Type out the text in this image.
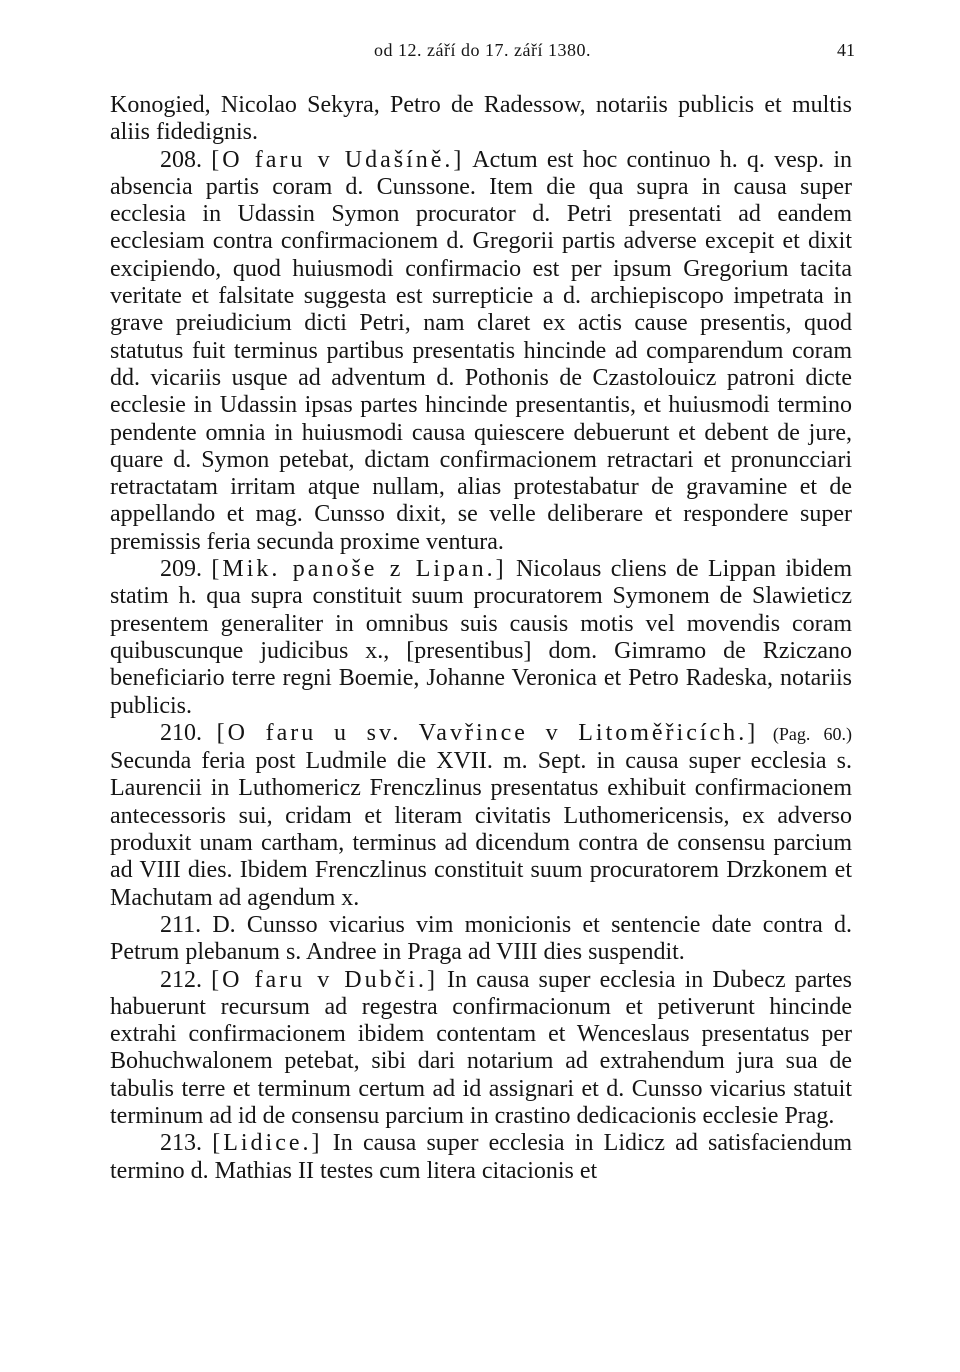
od 12. září do 17. září 1380.	41

Konogied, Nicolao Sekyra, Petro de Radessow, notariis publicis et multis aliis fidedignis.

208. [O faru v Udašíně.] Actum est hoc continuo h. q. vesp. in absencia partis coram d. Cunssone. Item die qua supra in causa super ecclesia in Udassin Symon procurator d. Petri presentati ad eandem ecclesiam contra confirmacionem d. Gregorii partis adverse excepit et dixit excipiendo, quod huiusmodi confirmacio est per ipsum Gregorium tacita veritate et falsitate suggesta est surrepticie a d. archiepiscopo impetrata in grave preiudicium dicti Petri, nam claret ex actis cause presentis, quod statutus fuit terminus partibus presentatis hincinde ad comparendum coram dd. vicariis usque ad adventum d. Pothonis de Czastolouicz patroni dicte ecclesie in Udassin ipsas partes hincinde presentantis, et huiusmodi termino pendente omnia in huiusmodi causa quiescere debuerunt et debent de jure, quare d. Symon petebat, dictam confirmacionem retractari et pronuncciari retractatam irritam atque nullam, alias protestabatur de gravamine et de appellando et mag. Cunsso dixit, se velle deliberare et respondere super premissis feria secunda proxime ventura.

209. [Mik. panoše z Lipan.] Nicolaus cliens de Lippan ibidem statim h. qua supra constituit suum procuratorem Symonem de Slawieticz presentem generaliter in omnibus suis causis motis vel movendis coram quibuscunque judicibus x., [presentibus] dom. Gimramo de Rziczano beneficiario terre regni Boemie, Johanne Veronica et Petro Radeska, notariis publicis.

210. [O faru u sv. Vavřince v Litoměřicích.] (Pag. 60.) Secunda feria post Ludmile die XVII. m. Sept. in causa super ecclesia s. Laurencii in Luthomericz Frenczlinus presentatus exhibuit confirmacionem antecessoris sui, cridam et literam civitatis Luthomericensis, ex adverso produxit unam cartham, terminus ad dicendum contra de consensu parcium ad VIII dies. Ibidem Frenczlinus constituit suum procuratorem Drzkonem et Machutam ad agendum x.

211. D. Cunsso vicarius vim monicionis et sentencie date contra d. Petrum plebanum s. Andree in Praga ad VIII dies suspendit.

212. [O faru v Dubči.] In causa super ecclesia in Dubecz partes habuerunt recursum ad regestra confirmacionum et petiverunt hincinde extrahi confirmacionem ibidem contentam et Wenceslaus presentatus per Bohuchwalonem petebat, sibi dari notarium ad extrahendum jura sua de tabulis terre et terminum certum ad id assignari et d. Cunsso vicarius statuit terminum ad id de consensu parcium in crastino dedicacionis ecclesie Prag.

213. [Lidice.] In causa super ecclesia in Lidicz ad satisfaciendum termino d. Mathias II testes cum litera citacionis et
